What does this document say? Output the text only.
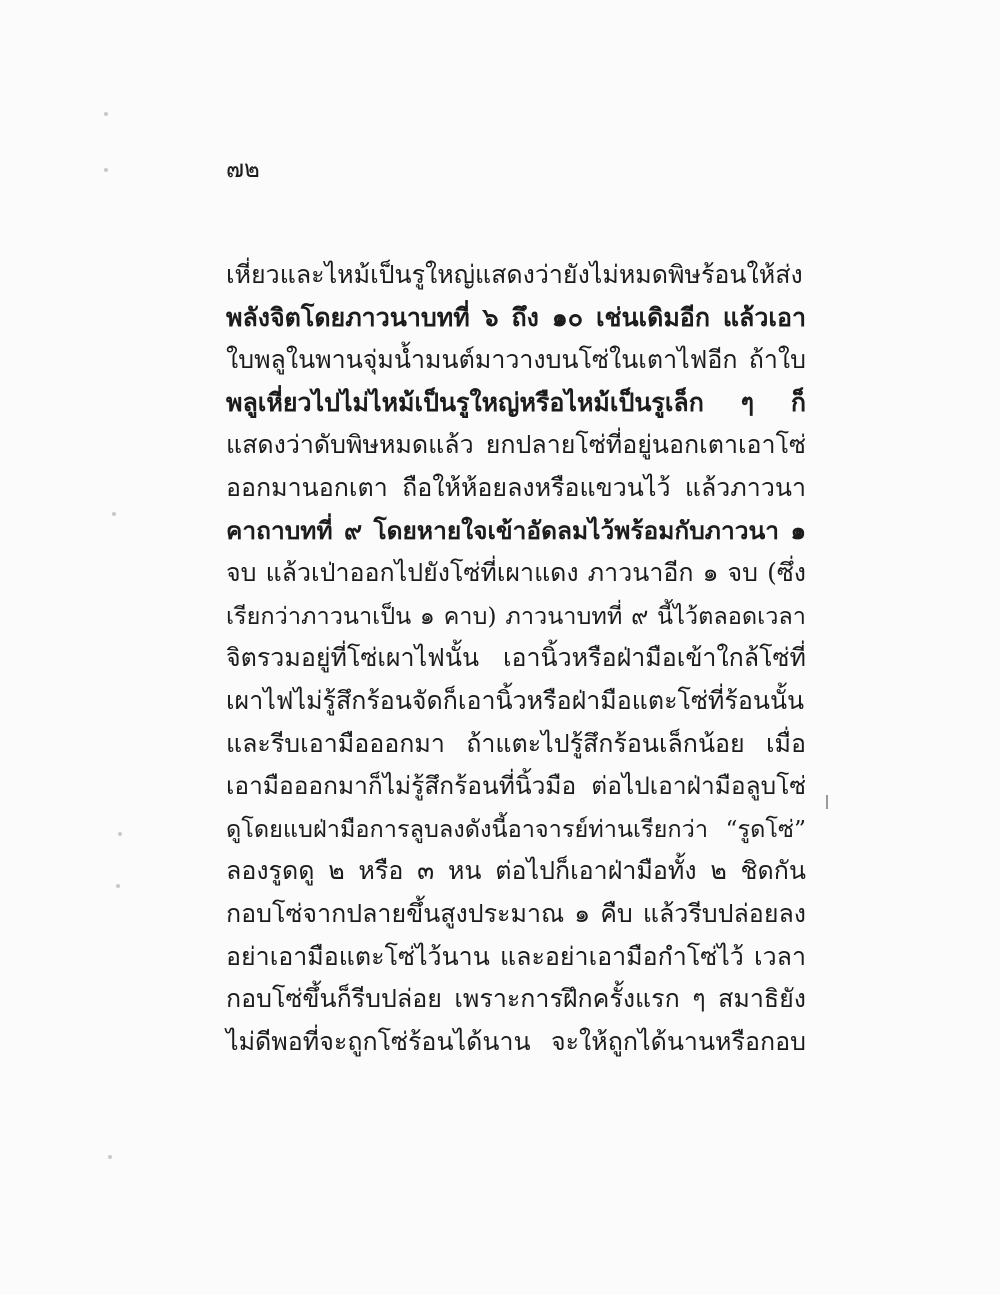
๗๒
เหี่ยวและไหม้เป็นรูใหญ่แสดงว่ายังไม่หมดพิษร้อนให้ส่ง
พลังจิตโดยภาวนาบทที่ ๖ ถึง ๑๐ เช่นเดิมอีก แล้วเอา
ใบพลูในพานจุ่มน้ำมนต์มาวางบนโซ่ในเตาไฟอีก ถ้าใบ
พลูเหี่ยวไปไม่ไหม้เป็นรูใหญ่หรือไหม้เป็นรูเล็ก ๆ ก็
แสดงว่าดับพิษหมดแล้ว ยกปลายโซ่ที่อยู่นอกเตาเอาโซ่
ออกมานอกเตา ถือให้ห้อยลงหรือแขวนไว้ แล้วภาวนา
คาถาบทที่ ๙ โดยหายใจเข้าอัดลมไว้พร้อมกับภาวนา ๑
จบ แล้วเป่าออกไปยังโซ่ที่เผาแดง ภาวนาอีก ๑ จบ (ซึ่ง
เรียกว่าภาวนาเป็น ๑ คาบ) ภาวนาบทที่ ๙ นี้ไว้ตลอดเวลา
จิตรวมอยู่ที่โซ่เผาไฟนั้น เอานิ้วหรือฝ่ามือเข้าใกล้โซ่ที่
เผาไฟไม่รู้สึกร้อนจัดก็เอานิ้วหรือฝ่ามือแตะโซ่ที่ร้อนนั้น
และรีบเอามือออกมา ถ้าแตะไปรู้สึกร้อนเล็กน้อย เมื่อ
เอามือออกมาก็ไม่รู้สึกร้อนที่นิ้วมือ ต่อไปเอาฝ่ามือลูบโซ่
ดูโดยแบฝ่ามือการลูบลงดังนี้อาจารย์ท่านเรียกว่า “รูดโซ่”
ลองรูดดู ๒ หรือ ๓ หน ต่อไปก็เอาฝ่ามือทั้ง ๒ ชิดกัน
กอบโซ่จากปลายขึ้นสูงประมาณ ๑ คืบ แล้วรีบปล่อยลง
อย่าเอามือแตะโซ่ไว้นาน และอย่าเอามือกำโซ่ไว้ เวลา
กอบโซ่ขึ้นก็รีบปล่อย เพราะการฝึกครั้งแรก ๆ สมาธิยัง
ไม่ดีพอที่จะถูกโซ่ร้อนได้นาน จะให้ถูกได้นานหรือกอบ
